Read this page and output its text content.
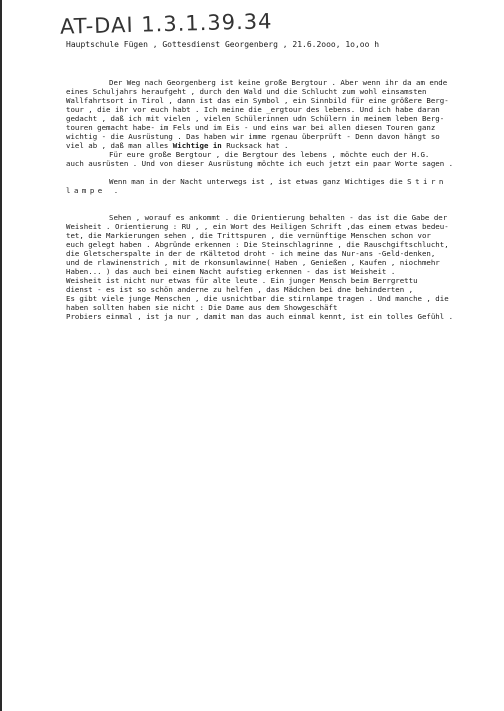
AT-DAI 1.3.1.39.34
Hauptschule Fügen , Gottesdienst Georgenberg , 21.6.2ooo, 1o,oo h
Der Weg nach Georgenberg ist keine große Bergtour . Aber wenn ihr da am ende
eines Schuljahrs heraufgeht , durch den Wald und die Schlucht zum wohl einsamsten
Wallfahrtsort in Tirol , dann ist das ein Symbol , ein Sinnbild für eine größere Berg-
tour , die ihr vor euch habt . Ich meine die _ergtour des lebens. Und ich habe daran
gedacht , daß ich mit vielen , vielen Schülerinnen udn Schülern in meinem leben Berg-
touren gemacht habe- im Fels und im Eis - und eins war bei allen diesen Touren ganz
wichtig - die Ausrüstung . Das haben wir imme rgenau überprüft - Denn davon hängt so
viel ab , daß man alles Wichtige in Rucksack hat .
Für eure große Bergtour , die Bergtour des lebens , möchte euch der H.G.
auch ausrüsten . Und von dieser Ausrüstung möchte ich euch jetzt ein paar Worte sagen .
Wenn man in der Nacht unterwegs ist , ist etwas ganz Wichtiges die Stirn
lampe .
Sehen , worauf es ankommt . die Orientierung behalten - das ist die Gabe der
Weisheit . Orientierung : RU , , ein Wort des Heiligen Schrift ,das einem etwas bedeu-
tet, die Markierungen sehen , die Trittspuren , die vernünftige Menschen schon vor
euch gelegt haben . Abgründe erkennen : Die Steinschlagrinne , die Rauschgiftschlucht,
die Gletscherspalte in der de rKältetod droht - ich meine das Nur-ans -Geld-denken,
und de rlawinenstrich , mit de rkonsumlawinne( Haben , Genießen , Kaufen , niochmehr
Haben... ) das auch bei einem Nacht aufstieg erkennen - das ist Weisheit .
Weisheit ist nicht nur etwas für alte leute . Ein junger Mensch beim Berrgrettu
dienst - es ist so schön anderne zu helfen , das Mädchen bei dne behinderten ,
Es gibt viele junge Menschen , die usnichtbar die stirnlampe tragen . Und manche , die
haben sollten haben sie nicht : Die Dame aus dem Showgeschäft
Probiers einmal , ist ja nur , damit man das auch einmal kennt, ist ein tolles Gefühl .
